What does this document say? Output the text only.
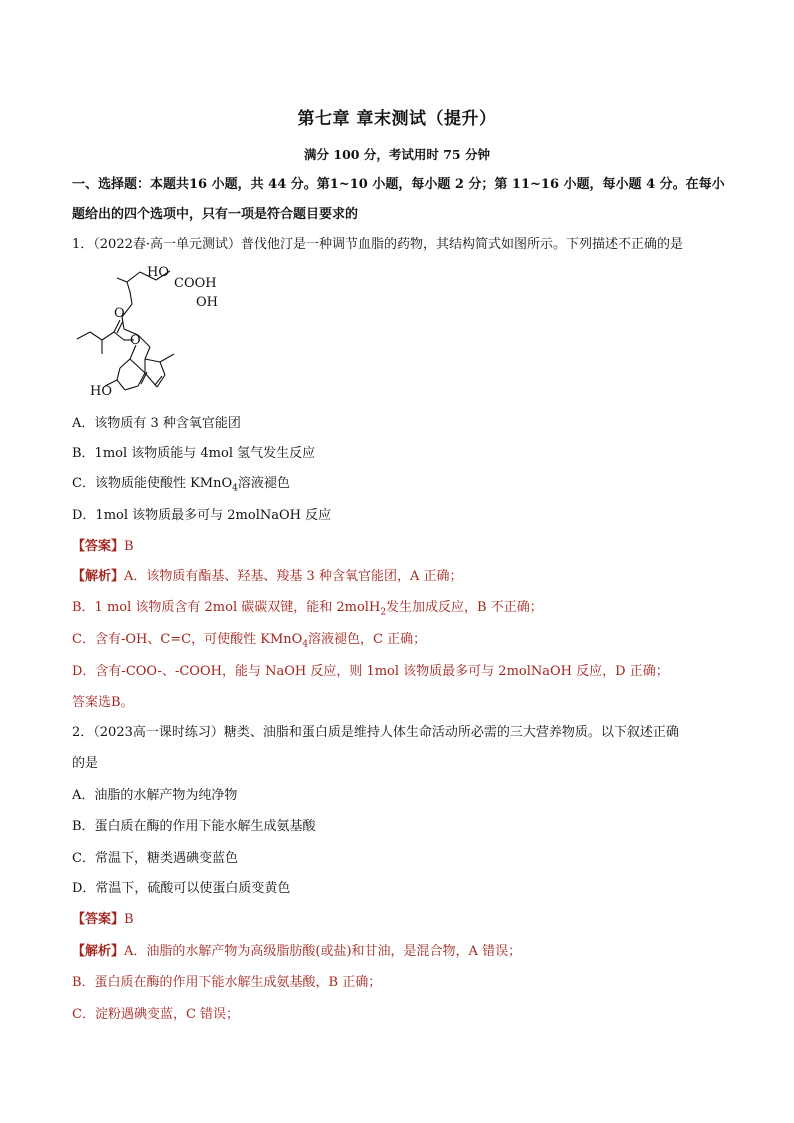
第七章 章末测试（提升）
满分 100 分，考试用时 75 分钟
一、选择题：本题共16 小题，共 44 分。第1~10 小题，每小题 2 分；第 11~16 小题，每小题 4 分。在每小
题给出的四个选项中，只有一项是符合题目要求的
1．（2022春·高一单元测试）普伐他汀是一种调节血脂的药物，其结构简式如图所示。下列描述不正确的是
HO
COOH
OH
O
O
HO
A．该物质有 3 种含氧官能团
B．1mol 该物质能与 4mol 氢气发生反应
C．该物质能使酸性 KMnO$_4$溶液褪色
D．1mol 该物质最多可与 2molNaOH 反应
【答案】B
【解析】A．该物质有酯基、羟基、羧基 3 种含氧官能团，A 正确；
B．1 mol 该物质含有 2mol 碳碳双键，能和 2molH$_2$发生加成反应，B 不正确；
C．含有-OH、C=C，可使酸性 KMnO$_4$溶液褪色，C 正确；
D．含有-COO-、-COOH，能与 NaOH 反应，则 1mol 该物质最多可与 2molNaOH 反应，D 正确；
答案选B。
2．（2023高一课时练习）糖类、油脂和蛋白质是维持人体生命活动所必需的三大营养物质。以下叙述正确
的是
A．油脂的水解产物为纯净物
B．蛋白质在酶的作用下能水解生成氨基酸
C．常温下，糖类遇碘变蓝色
D．常温下，硫酸可以使蛋白质变黄色
【答案】B
【解析】A．油脂的水解产物为高级脂肪酸(或盐)和甘油，是混合物，A 错误；
B．蛋白质在酶的作用下能水解生成氨基酸，B 正确；
C．淀粉遇碘变蓝，C 错误；
